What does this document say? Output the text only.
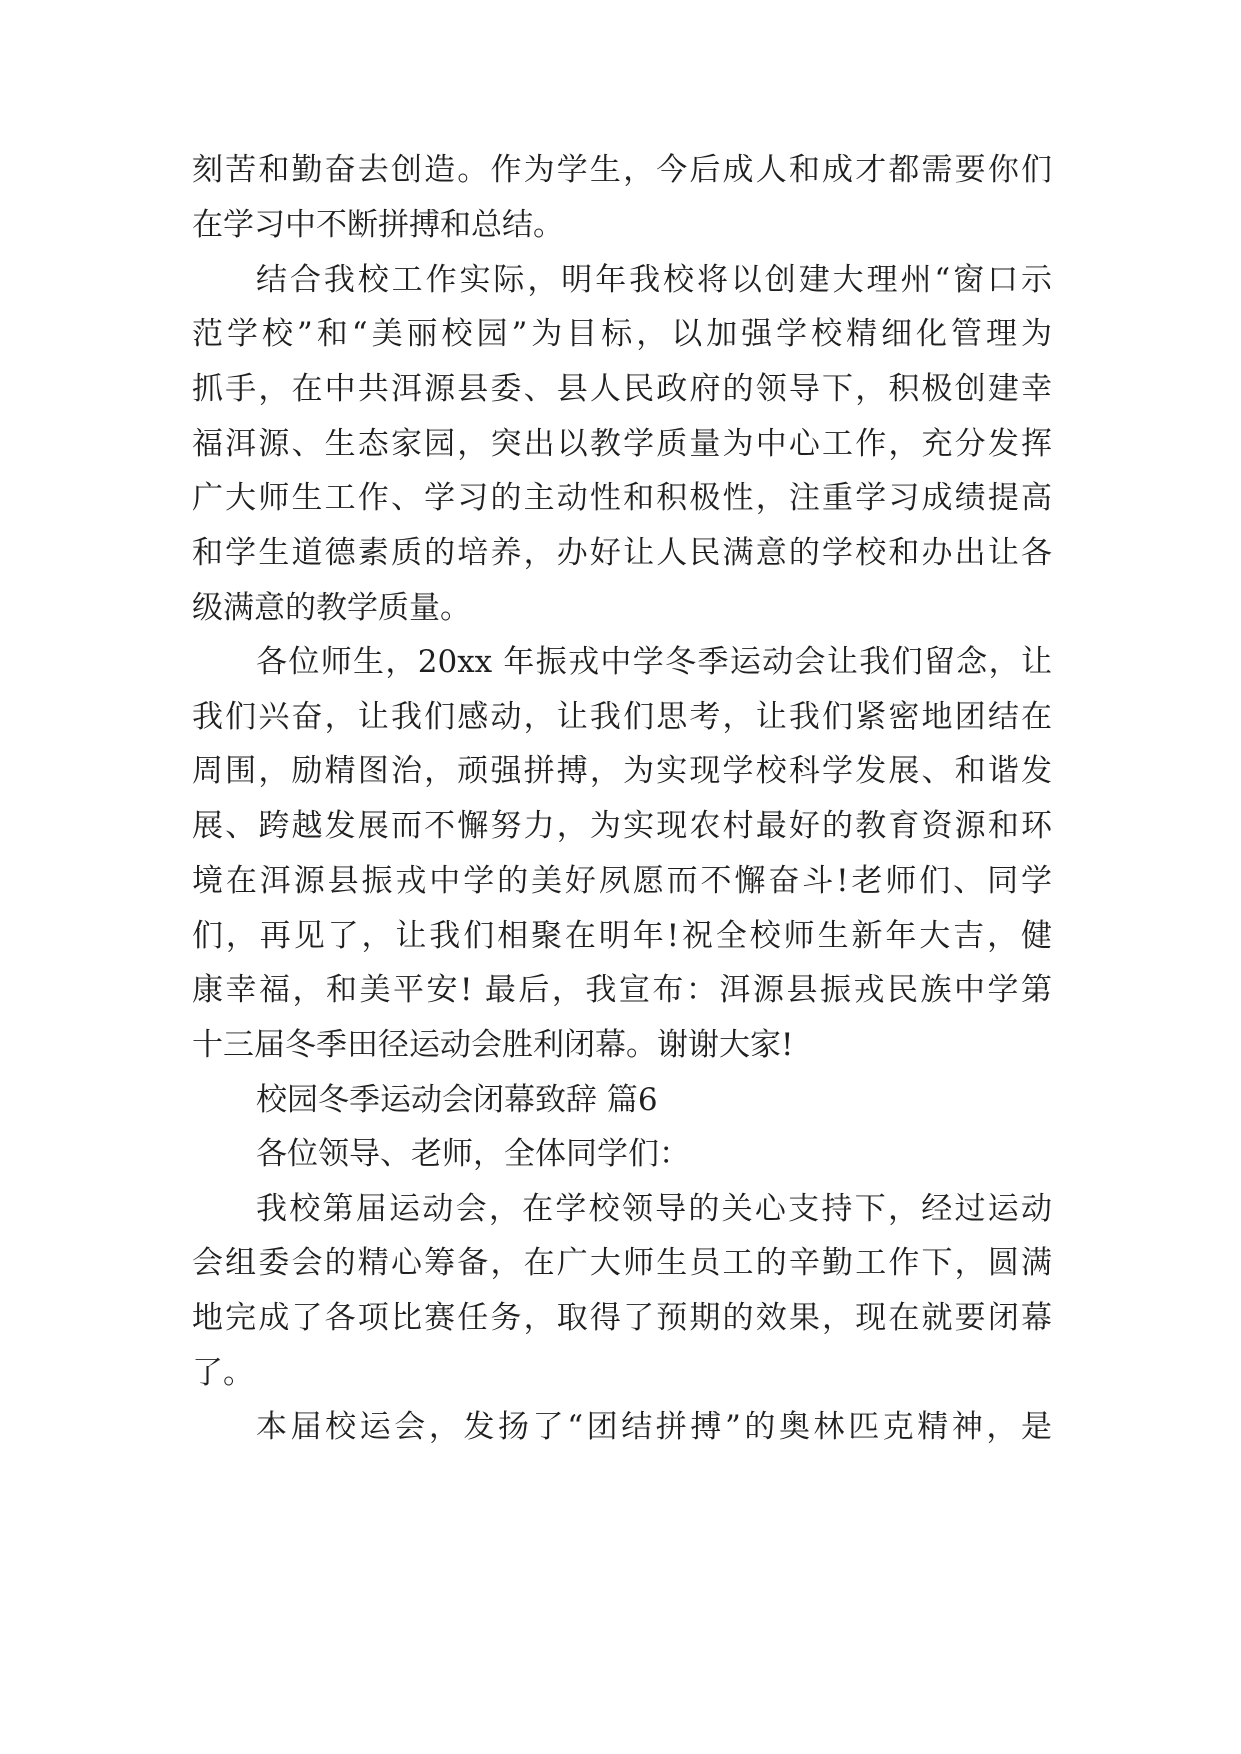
刻苦和勤奋去创造。作为学生，今后成人和成才都需要你们
在学习中不断拼搏和总结。
结合我校工作实际，明年我校将以创建大理州“窗口示
范学校”和“美丽校园”为目标，以加强学校精细化管理为
抓手，在中共洱源县委、县人民政府的领导下，积极创建幸
福洱源、生态家园，突出以教学质量为中心工作，充分发挥
广大师生工作、学习的主动性和积极性，注重学习成绩提高
和学生道德素质的培养，办好让人民满意的学校和办出让各
级满意的教学质量。
各位师生，20xx 年振戎中学冬季运动会让我们留念，让
我们兴奋，让我们感动，让我们思考，让我们紧密地团结在
周围，励精图治，顽强拼搏，为实现学校科学发展、和谐发
展、跨越发展而不懈努力，为实现农村最好的教育资源和环
境在洱源县振戎中学的美好夙愿而不懈奋斗!老师们、同学
们，再见了，让我们相聚在明年!祝全校师生新年大吉，健
康幸福，和美平安! 最后，我宣布：洱源县振戎民族中学第
十三届冬季田径运动会胜利闭幕。谢谢大家!
校园冬季运动会闭幕致辞 篇6
各位领导、老师，全体同学们：
我校第届运动会，在学校领导的关心支持下，经过运动
会组委会的精心筹备，在广大师生员工的辛勤工作下，圆满
地完成了各项比赛任务，取得了预期的效果，现在就要闭幕
了。
本届校运会，发扬了“团结拼搏”的奥林匹克精神，是
